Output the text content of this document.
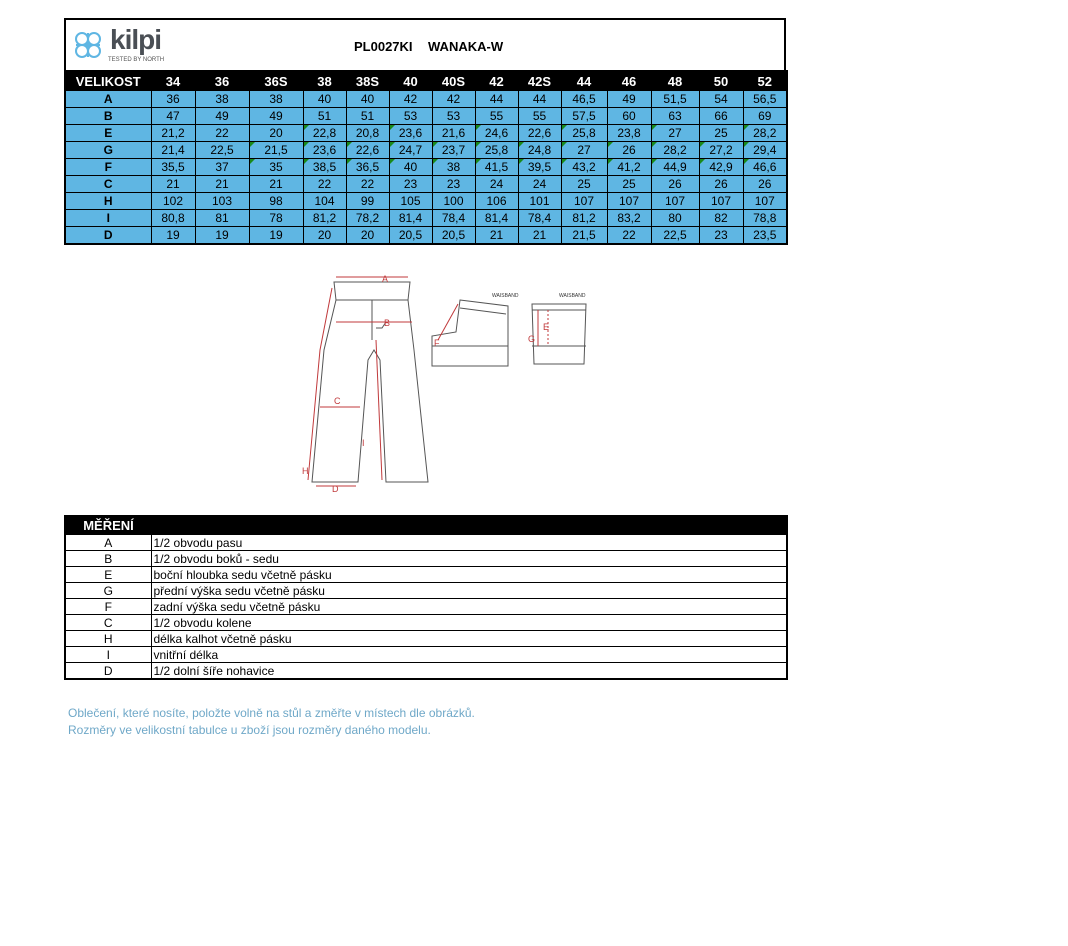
kilpi
TESTED BY NORTH
PL0027KI WANAKA-W
VELIKOST	34	36	36S	38	38S	40	40S	42	42S	44	46	48	50	52
A	36	38	38	40	40	42	42	44	44	46,5	49	51,5	54	56,5
B	47	49	49	51	51	53	53	55	55	57,5	60	63	66	69
E	21,2	22	20	22,8	20,8	23,6	21,6	24,6	22,6	25,8	23,8	27	25	28,2
G	21,4	22,5	21,5	23,6	22,6	24,7	23,7	25,8	24,8	27	26	28,2	27,2	29,4
F	35,5	37	35	38,5	36,5	40	38	41,5	39,5	43,2	41,2	44,9	42,9	46,6
C	21	21	21	22	22	23	23	24	24	25	25	26	26	26
H	102	103	98	104	99	105	100	106	101	107	107	107	107	107
I	80,8	81	78	81,2	78,2	81,4	78,4	81,4	78,4	81,2	83,2	80	82	78,8
D	19	19	19	20	20	20,5	20,5	21	21	21,5	22	22,5	23	23,5
A
B
C
D
H
I
F	G
E
WAISBAND	WAISBAND
MĚŘENÍ	
A	1/2 obvodu pasu
B	1/2 obvodu boků - sedu
E	boční hloubka sedu včetně pásku
G	přední výška sedu včetně pásku
F	zadní výška sedu včetně pásku
C	1/2 obvodu kolene
H	délka kalhot včetně pásku
I	vnitřní délka
D	1/2 dolní šíře nohavice
Oblečení, které nosíte, položte volně na stůl a změřte v místech dle obrázků.
Rozměry ve velikostní tabulce u zboží jsou rozměry daného modelu.
